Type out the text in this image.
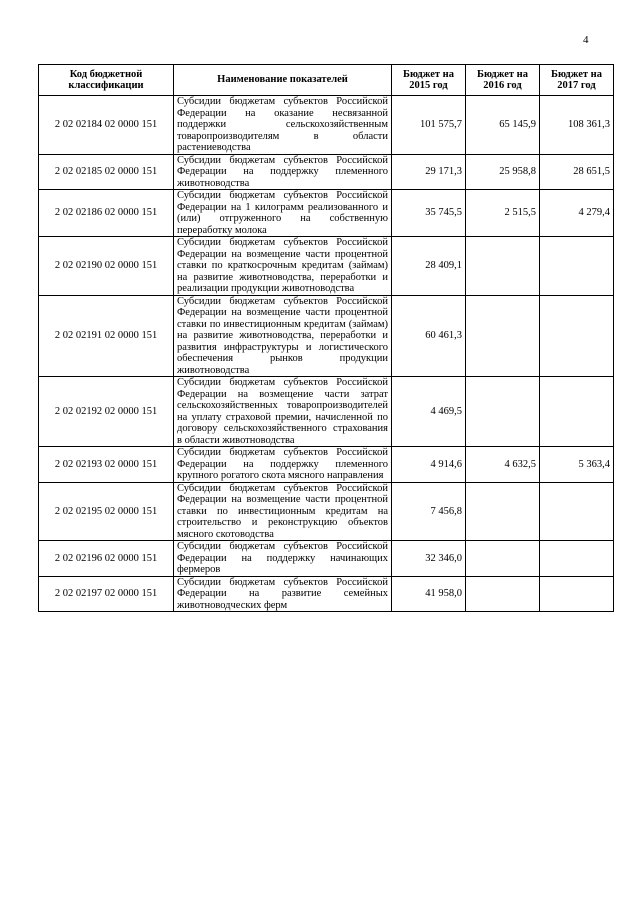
4
Код бюджетной классификации	Наименование показателей	Бюджет на 2015 год	Бюджет на 2016 год	Бюджет на 2017 год
2 02 02184 02 0000 151	Субсидии бюджетам субъектов Российской Федерации на оказание несвязанной поддержки сельскохозяйственным товаропроизводителям в области растениеводства	101 575,7	65 145,9	108 361,3
2 02 02185 02 0000 151	Субсидии бюджетам субъектов Российской Федерации на поддержку племенного животноводства	29 171,3	25 958,8	28 651,5
2 02 02186 02 0000 151	Субсидии бюджетам субъектов Российской Федерации на 1 килограмм реализованного и (или) отгруженного на собственную переработку молока	35 745,5	2 515,5	4 279,4
2 02 02190 02 0000 151	Субсидии бюджетам субъектов Российской Федерации на возмещение части процентной ставки по краткосрочным кредитам (займам) на развитие животноводства, переработки и реализации продукции животноводства	28 409,1		
2 02 02191 02 0000 151	Субсидии бюджетам субъектов Российской Федерации на возмещение части процентной ставки по инвестиционным кредитам (займам) на развитие животноводства, переработки и развития инфраструктуры и логистического обеспечения рынков продукции животноводства	60 461,3		
2 02 02192 02 0000 151	Субсидии бюджетам субъектов Российской Федерации на возмещение части затрат сельскохозяйственных товаропроизводителей на уплату страховой премии, начисленной по договору сельскохозяйственного страхования в области животноводства	4 469,5		
2 02 02193 02 0000 151	Субсидии бюджетам субъектов Российской Федерации на поддержку племенного крупного рогатого скота мясного направления	4 914,6	4 632,5	5 363,4
2 02 02195 02 0000 151	Субсидии бюджетам субъектов Российской Федерации на возмещение части процентной ставки по инвестиционным кредитам на строительство и реконструкцию объектов мясного скотоводства	7 456,8		
2 02 02196 02 0000 151	Субсидии бюджетам субъектов Российской Федерации на поддержку начинающих фермеров	32 346,0		
2 02 02197 02 0000 151	Субсидии бюджетам субъектов Российской Федерации на развитие семейных животноводческих ферм	41 958,0		
